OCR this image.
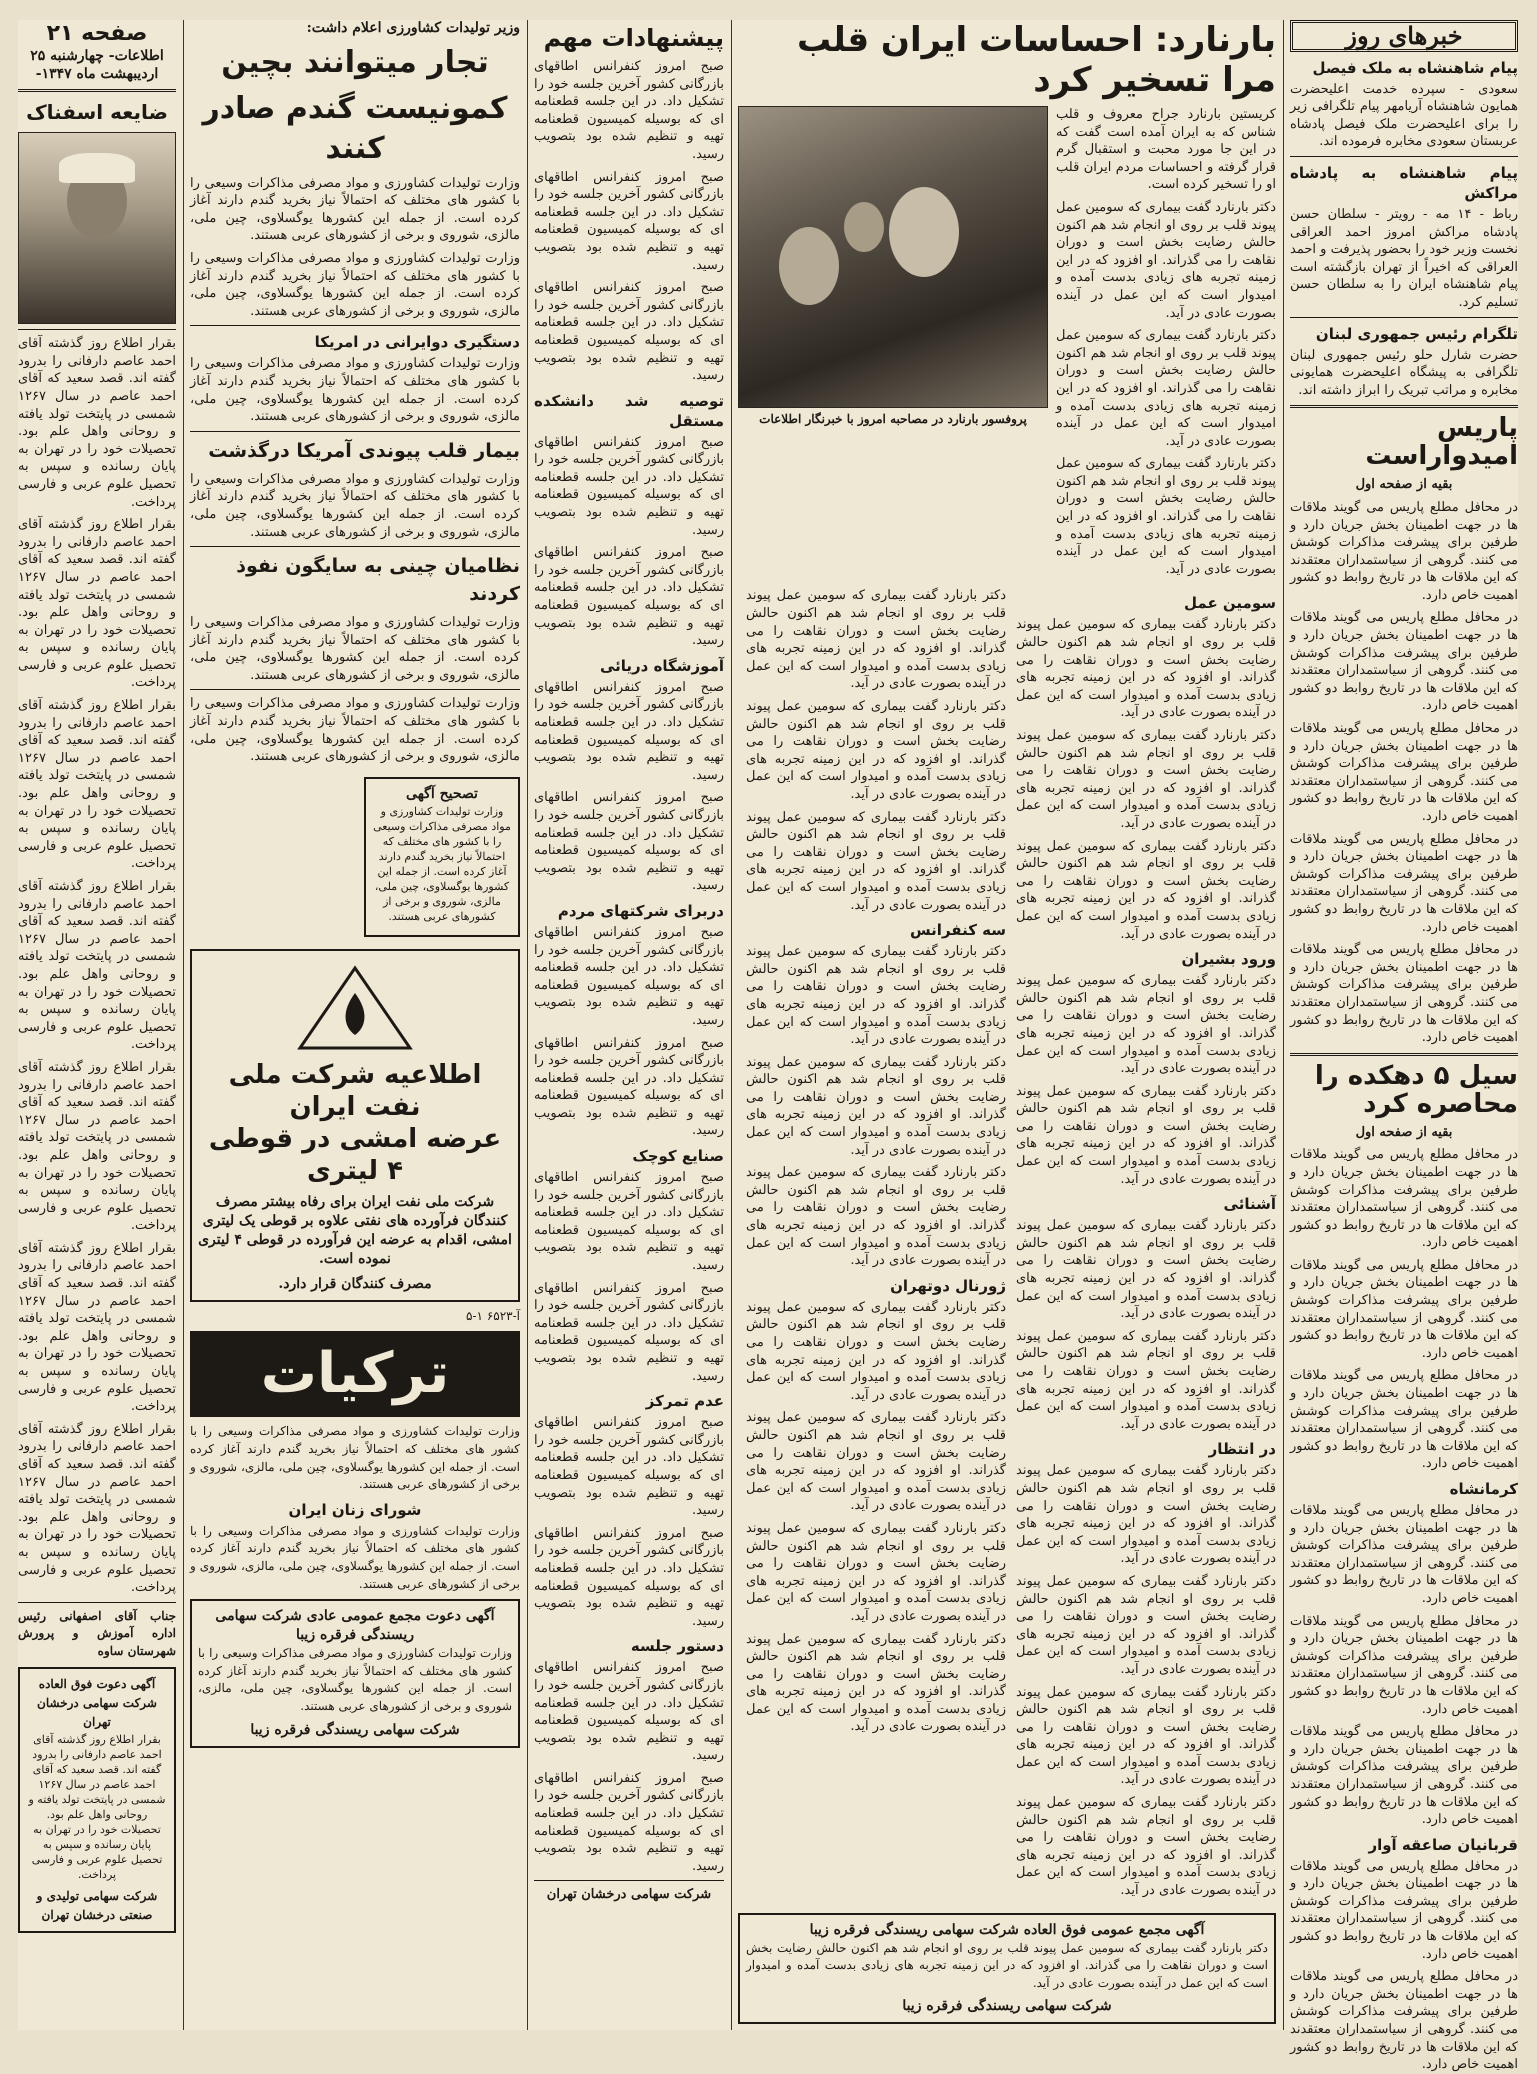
خبرهای روز
پیام شاهنشاه به ملک فیصل

سعودی - سپرده خدمت اعلیحضرت همایون شاهنشاه آریامهر پیام تلگرافی زیر را برای اعلیحضرت ملک فیصل پادشاه عربستان سعودی مخابره فرموده اند.

پیام شاهنشاه به پادشاه مراکش

رباط - ۱۴ مه - رویتر - سلطان حسن پادشاه مراکش امروز احمد العراقی نخست وزیر خود را بحضور پذیرفت و احمد العراقی که اخیراً از تهران بازگشته است پیام شاهنشاه ایران را به سلطان حسن تسلیم کرد.

تلگرام رئیس جمهوری لبنان

حضرت شارل حلو رئیس جمهوری لبنان تلگرافی به پیشگاه اعلیحضرت همایونی مخابره و مراتب تبریک را ابراز داشته اند.

پاریس امیدواراست

بقیه از صفحه اول

در محافل مطلع پاریس می گویند ملاقات ها در جهت اطمینان بخش جریان دارد و طرفین برای پیشرفت مذاکرات کوشش می کنند. گروهی از سیاستمداران معتقدند که این ملاقات ها در تاریخ روابط دو کشور اهمیت خاص دارد.

در محافل مطلع پاریس می گویند ملاقات ها در جهت اطمینان بخش جریان دارد و طرفین برای پیشرفت مذاکرات کوشش می کنند. گروهی از سیاستمداران معتقدند که این ملاقات ها در تاریخ روابط دو کشور اهمیت خاص دارد.

در محافل مطلع پاریس می گویند ملاقات ها در جهت اطمینان بخش جریان دارد و طرفین برای پیشرفت مذاکرات کوشش می کنند. گروهی از سیاستمداران معتقدند که این ملاقات ها در تاریخ روابط دو کشور اهمیت خاص دارد.

در محافل مطلع پاریس می گویند ملاقات ها در جهت اطمینان بخش جریان دارد و طرفین برای پیشرفت مذاکرات کوشش می کنند. گروهی از سیاستمداران معتقدند که این ملاقات ها در تاریخ روابط دو کشور اهمیت خاص دارد.

در محافل مطلع پاریس می گویند ملاقات ها در جهت اطمینان بخش جریان دارد و طرفین برای پیشرفت مذاکرات کوشش می کنند. گروهی از سیاستمداران معتقدند که این ملاقات ها در تاریخ روابط دو کشور اهمیت خاص دارد.

سیل ۵ دهکده را محاصره کرد

بقیه از صفحه اول

در محافل مطلع پاریس می گویند ملاقات ها در جهت اطمینان بخش جریان دارد و طرفین برای پیشرفت مذاکرات کوشش می کنند. گروهی از سیاستمداران معتقدند که این ملاقات ها در تاریخ روابط دو کشور اهمیت خاص دارد.

در محافل مطلع پاریس می گویند ملاقات ها در جهت اطمینان بخش جریان دارد و طرفین برای پیشرفت مذاکرات کوشش می کنند. گروهی از سیاستمداران معتقدند که این ملاقات ها در تاریخ روابط دو کشور اهمیت خاص دارد.

در محافل مطلع پاریس می گویند ملاقات ها در جهت اطمینان بخش جریان دارد و طرفین برای پیشرفت مذاکرات کوشش می کنند. گروهی از سیاستمداران معتقدند که این ملاقات ها در تاریخ روابط دو کشور اهمیت خاص دارد.

کرمانشاه

در محافل مطلع پاریس می گویند ملاقات ها در جهت اطمینان بخش جریان دارد و طرفین برای پیشرفت مذاکرات کوشش می کنند. گروهی از سیاستمداران معتقدند که این ملاقات ها در تاریخ روابط دو کشور اهمیت خاص دارد.

در محافل مطلع پاریس می گویند ملاقات ها در جهت اطمینان بخش جریان دارد و طرفین برای پیشرفت مذاکرات کوشش می کنند. گروهی از سیاستمداران معتقدند که این ملاقات ها در تاریخ روابط دو کشور اهمیت خاص دارد.

در محافل مطلع پاریس می گویند ملاقات ها در جهت اطمینان بخش جریان دارد و طرفین برای پیشرفت مذاکرات کوشش می کنند. گروهی از سیاستمداران معتقدند که این ملاقات ها در تاریخ روابط دو کشور اهمیت خاص دارد.

قربانیان صاعقه آوار

در محافل مطلع پاریس می گویند ملاقات ها در جهت اطمینان بخش جریان دارد و طرفین برای پیشرفت مذاکرات کوشش می کنند. گروهی از سیاستمداران معتقدند که این ملاقات ها در تاریخ روابط دو کشور اهمیت خاص دارد.

در محافل مطلع پاریس می گویند ملاقات ها در جهت اطمینان بخش جریان دارد و طرفین برای پیشرفت مذاکرات کوشش می کنند. گروهی از سیاستمداران معتقدند که این ملاقات ها در تاریخ روابط دو کشور اهمیت خاص دارد.

بارنارد: احساسات ایران قلب مرا تسخیر کرد

کریستین بارنارد جراح معروف و قلب شناس که به ایران آمده است گفت که در این جا مورد محبت و استقبال گرم قرار گرفته و احساسات مردم ایران قلب او را تسخیر کرده است.

دکتر بارنارد گفت بیماری که سومین عمل پیوند قلب بر روی او انجام شد هم اکنون حالش رضایت بخش است و دوران نقاهت را می گذراند. او افزود که در این زمینه تجربه های زیادی بدست آمده و امیدوار است که این عمل در آینده بصورت عادی در آید.

دکتر بارنارد گفت بیماری که سومین عمل پیوند قلب بر روی او انجام شد هم اکنون حالش رضایت بخش است و دوران نقاهت را می گذراند. او افزود که در این زمینه تجربه های زیادی بدست آمده و امیدوار است که این عمل در آینده بصورت عادی در آید.

دکتر بارنارد گفت بیماری که سومین عمل پیوند قلب بر روی او انجام شد هم اکنون حالش رضایت بخش است و دوران نقاهت را می گذراند. او افزود که در این زمینه تجربه های زیادی بدست آمده و امیدوار است که این عمل در آینده بصورت عادی در آید.

پروفسور بارنارد در مصاحبه امروز با خبرنگار اطلاعات
سومین عمل

دکتر بارنارد گفت بیماری که سومین عمل پیوند قلب بر روی او انجام شد هم اکنون حالش رضایت بخش است و دوران نقاهت را می گذراند. او افزود که در این زمینه تجربه های زیادی بدست آمده و امیدوار است که این عمل در آینده بصورت عادی در آید.

دکتر بارنارد گفت بیماری که سومین عمل پیوند قلب بر روی او انجام شد هم اکنون حالش رضایت بخش است و دوران نقاهت را می گذراند. او افزود که در این زمینه تجربه های زیادی بدست آمده و امیدوار است که این عمل در آینده بصورت عادی در آید.

دکتر بارنارد گفت بیماری که سومین عمل پیوند قلب بر روی او انجام شد هم اکنون حالش رضایت بخش است و دوران نقاهت را می گذراند. او افزود که در این زمینه تجربه های زیادی بدست آمده و امیدوار است که این عمل در آینده بصورت عادی در آید.

ورود بشیران

دکتر بارنارد گفت بیماری که سومین عمل پیوند قلب بر روی او انجام شد هم اکنون حالش رضایت بخش است و دوران نقاهت را می گذراند. او افزود که در این زمینه تجربه های زیادی بدست آمده و امیدوار است که این عمل در آینده بصورت عادی در آید.

دکتر بارنارد گفت بیماری که سومین عمل پیوند قلب بر روی او انجام شد هم اکنون حالش رضایت بخش است و دوران نقاهت را می گذراند. او افزود که در این زمینه تجربه های زیادی بدست آمده و امیدوار است که این عمل در آینده بصورت عادی در آید.

آشنائی

دکتر بارنارد گفت بیماری که سومین عمل پیوند قلب بر روی او انجام شد هم اکنون حالش رضایت بخش است و دوران نقاهت را می گذراند. او افزود که در این زمینه تجربه های زیادی بدست آمده و امیدوار است که این عمل در آینده بصورت عادی در آید.

دکتر بارنارد گفت بیماری که سومین عمل پیوند قلب بر روی او انجام شد هم اکنون حالش رضایت بخش است و دوران نقاهت را می گذراند. او افزود که در این زمینه تجربه های زیادی بدست آمده و امیدوار است که این عمل در آینده بصورت عادی در آید.

در انتظار

دکتر بارنارد گفت بیماری که سومین عمل پیوند قلب بر روی او انجام شد هم اکنون حالش رضایت بخش است و دوران نقاهت را می گذراند. او افزود که در این زمینه تجربه های زیادی بدست آمده و امیدوار است که این عمل در آینده بصورت عادی در آید.

دکتر بارنارد گفت بیماری که سومین عمل پیوند قلب بر روی او انجام شد هم اکنون حالش رضایت بخش است و دوران نقاهت را می گذراند. او افزود که در این زمینه تجربه های زیادی بدست آمده و امیدوار است که این عمل در آینده بصورت عادی در آید.

دکتر بارنارد گفت بیماری که سومین عمل پیوند قلب بر روی او انجام شد هم اکنون حالش رضایت بخش است و دوران نقاهت را می گذراند. او افزود که در این زمینه تجربه های زیادی بدست آمده و امیدوار است که این عمل در آینده بصورت عادی در آید.

دکتر بارنارد گفت بیماری که سومین عمل پیوند قلب بر روی او انجام شد هم اکنون حالش رضایت بخش است و دوران نقاهت را می گذراند. او افزود که در این زمینه تجربه های زیادی بدست آمده و امیدوار است که این عمل در آینده بصورت عادی در آید.

دکتر بارنارد گفت بیماری که سومین عمل پیوند قلب بر روی او انجام شد هم اکنون حالش رضایت بخش است و دوران نقاهت را می گذراند. او افزود که در این زمینه تجربه های زیادی بدست آمده و امیدوار است که این عمل در آینده بصورت عادی در آید.

دکتر بارنارد گفت بیماری که سومین عمل پیوند قلب بر روی او انجام شد هم اکنون حالش رضایت بخش است و دوران نقاهت را می گذراند. او افزود که در این زمینه تجربه های زیادی بدست آمده و امیدوار است که این عمل در آینده بصورت عادی در آید.

دکتر بارنارد گفت بیماری که سومین عمل پیوند قلب بر روی او انجام شد هم اکنون حالش رضایت بخش است و دوران نقاهت را می گذراند. او افزود که در این زمینه تجربه های زیادی بدست آمده و امیدوار است که این عمل در آینده بصورت عادی در آید.

سه کنفرانس

دکتر بارنارد گفت بیماری که سومین عمل پیوند قلب بر روی او انجام شد هم اکنون حالش رضایت بخش است و دوران نقاهت را می گذراند. او افزود که در این زمینه تجربه های زیادی بدست آمده و امیدوار است که این عمل در آینده بصورت عادی در آید.

دکتر بارنارد گفت بیماری که سومین عمل پیوند قلب بر روی او انجام شد هم اکنون حالش رضایت بخش است و دوران نقاهت را می گذراند. او افزود که در این زمینه تجربه های زیادی بدست آمده و امیدوار است که این عمل در آینده بصورت عادی در آید.

دکتر بارنارد گفت بیماری که سومین عمل پیوند قلب بر روی او انجام شد هم اکنون حالش رضایت بخش است و دوران نقاهت را می گذراند. او افزود که در این زمینه تجربه های زیادی بدست آمده و امیدوار است که این عمل در آینده بصورت عادی در آید.

ژورنال دوتهران

دکتر بارنارد گفت بیماری که سومین عمل پیوند قلب بر روی او انجام شد هم اکنون حالش رضایت بخش است و دوران نقاهت را می گذراند. او افزود که در این زمینه تجربه های زیادی بدست آمده و امیدوار است که این عمل در آینده بصورت عادی در آید.

دکتر بارنارد گفت بیماری که سومین عمل پیوند قلب بر روی او انجام شد هم اکنون حالش رضایت بخش است و دوران نقاهت را می گذراند. او افزود که در این زمینه تجربه های زیادی بدست آمده و امیدوار است که این عمل در آینده بصورت عادی در آید.

دکتر بارنارد گفت بیماری که سومین عمل پیوند قلب بر روی او انجام شد هم اکنون حالش رضایت بخش است و دوران نقاهت را می گذراند. او افزود که در این زمینه تجربه های زیادی بدست آمده و امیدوار است که این عمل در آینده بصورت عادی در آید.

دکتر بارنارد گفت بیماری که سومین عمل پیوند قلب بر روی او انجام شد هم اکنون حالش رضایت بخش است و دوران نقاهت را می گذراند. او افزود که در این زمینه تجربه های زیادی بدست آمده و امیدوار است که این عمل در آینده بصورت عادی در آید.

آگهی مجمع عمومی فوق العاده شرکت سهامی ریسندگی فرقره زیبا

دکتر بارنارد گفت بیماری که سومین عمل پیوند قلب بر روی او انجام شد هم اکنون حالش رضایت بخش است و دوران نقاهت را می گذراند. او افزود که در این زمینه تجربه های زیادی بدست آمده و امیدوار است که این عمل در آینده بصورت عادی در آید.

شرکت سهامی ریسندگی فرقره زیبا
پیشنهادات مهم

صبح امروز کنفرانس اطاقهای بازرگانی کشور آخرین جلسه خود را تشکیل داد. در این جلسه قطعنامه ای که بوسیله کمیسیون قطعنامه تهیه و تنظیم شده بود بتصویب رسید.

صبح امروز کنفرانس اطاقهای بازرگانی کشور آخرین جلسه خود را تشکیل داد. در این جلسه قطعنامه ای که بوسیله کمیسیون قطعنامه تهیه و تنظیم شده بود بتصویب رسید.

صبح امروز کنفرانس اطاقهای بازرگانی کشور آخرین جلسه خود را تشکیل داد. در این جلسه قطعنامه ای که بوسیله کمیسیون قطعنامه تهیه و تنظیم شده بود بتصویب رسید.

توصیه شد دانشکده مستقل

صبح امروز کنفرانس اطاقهای بازرگانی کشور آخرین جلسه خود را تشکیل داد. در این جلسه قطعنامه ای که بوسیله کمیسیون قطعنامه تهیه و تنظیم شده بود بتصویب رسید.

صبح امروز کنفرانس اطاقهای بازرگانی کشور آخرین جلسه خود را تشکیل داد. در این جلسه قطعنامه ای که بوسیله کمیسیون قطعنامه تهیه و تنظیم شده بود بتصویب رسید.

آموزشگاه دریائی

صبح امروز کنفرانس اطاقهای بازرگانی کشور آخرین جلسه خود را تشکیل داد. در این جلسه قطعنامه ای که بوسیله کمیسیون قطعنامه تهیه و تنظیم شده بود بتصویب رسید.

صبح امروز کنفرانس اطاقهای بازرگانی کشور آخرین جلسه خود را تشکیل داد. در این جلسه قطعنامه ای که بوسیله کمیسیون قطعنامه تهیه و تنظیم شده بود بتصویب رسید.

دربرای شرکتهای مردم

صبح امروز کنفرانس اطاقهای بازرگانی کشور آخرین جلسه خود را تشکیل داد. در این جلسه قطعنامه ای که بوسیله کمیسیون قطعنامه تهیه و تنظیم شده بود بتصویب رسید.

صبح امروز کنفرانس اطاقهای بازرگانی کشور آخرین جلسه خود را تشکیل داد. در این جلسه قطعنامه ای که بوسیله کمیسیون قطعنامه تهیه و تنظیم شده بود بتصویب رسید.

صنایع کوچک

صبح امروز کنفرانس اطاقهای بازرگانی کشور آخرین جلسه خود را تشکیل داد. در این جلسه قطعنامه ای که بوسیله کمیسیون قطعنامه تهیه و تنظیم شده بود بتصویب رسید.

صبح امروز کنفرانس اطاقهای بازرگانی کشور آخرین جلسه خود را تشکیل داد. در این جلسه قطعنامه ای که بوسیله کمیسیون قطعنامه تهیه و تنظیم شده بود بتصویب رسید.

عدم تمرکز

صبح امروز کنفرانس اطاقهای بازرگانی کشور آخرین جلسه خود را تشکیل داد. در این جلسه قطعنامه ای که بوسیله کمیسیون قطعنامه تهیه و تنظیم شده بود بتصویب رسید.

صبح امروز کنفرانس اطاقهای بازرگانی کشور آخرین جلسه خود را تشکیل داد. در این جلسه قطعنامه ای که بوسیله کمیسیون قطعنامه تهیه و تنظیم شده بود بتصویب رسید.

دستور جلسه

صبح امروز کنفرانس اطاقهای بازرگانی کشور آخرین جلسه خود را تشکیل داد. در این جلسه قطعنامه ای که بوسیله کمیسیون قطعنامه تهیه و تنظیم شده بود بتصویب رسید.

صبح امروز کنفرانس اطاقهای بازرگانی کشور آخرین جلسه خود را تشکیل داد. در این جلسه قطعنامه ای که بوسیله کمیسیون قطعنامه تهیه و تنظیم شده بود بتصویب رسید.

شرکت سهامی درخشان تهران

وزیر تولیدات کشاورزی اعلام داشت:

تجار میتوانند بچین
کمونیست گندم صادر کنند

وزارت تولیدات کشاورزی و مواد مصرفی مذاکرات وسیعی را با کشور های مختلف که احتمالاً نیاز بخرید گندم دارند آغاز کرده است. از جمله این کشورها یوگسلاوی، چین ملی، مالزی، شوروی و برخی از کشورهای عربی هستند.

وزارت تولیدات کشاورزی و مواد مصرفی مذاکرات وسیعی را با کشور های مختلف که احتمالاً نیاز بخرید گندم دارند آغاز کرده است. از جمله این کشورها یوگسلاوی، چین ملی، مالزی، شوروی و برخی از کشورهای عربی هستند.

دستگیری دوایرانی در امریکا

وزارت تولیدات کشاورزی و مواد مصرفی مذاکرات وسیعی را با کشور های مختلف که احتمالاً نیاز بخرید گندم دارند آغاز کرده است. از جمله این کشورها یوگسلاوی، چین ملی، مالزی، شوروی و برخی از کشورهای عربی هستند.

بیمار قلب پیوندی آمریکا درگذشت

وزارت تولیدات کشاورزی و مواد مصرفی مذاکرات وسیعی را با کشور های مختلف که احتمالاً نیاز بخرید گندم دارند آغاز کرده است. از جمله این کشورها یوگسلاوی، چین ملی، مالزی، شوروی و برخی از کشورهای عربی هستند.

نظامیان چینی به سایگون نفوذ کردند

وزارت تولیدات کشاورزی و مواد مصرفی مذاکرات وسیعی را با کشور های مختلف که احتمالاً نیاز بخرید گندم دارند آغاز کرده است. از جمله این کشورها یوگسلاوی، چین ملی، مالزی، شوروی و برخی از کشورهای عربی هستند.

وزارت تولیدات کشاورزی و مواد مصرفی مذاکرات وسیعی را با کشور های مختلف که احتمالاً نیاز بخرید گندم دارند آغاز کرده است. از جمله این کشورها یوگسلاوی، چین ملی، مالزی، شوروی و برخی از کشورهای عربی هستند.

تصحیح آگهی

وزارت تولیدات کشاورزی و مواد مصرفی مذاکرات وسیعی را با کشور های مختلف که احتمالاً نیاز بخرید گندم دارند آغاز کرده است. از جمله این کشورها یوگسلاوی، چین ملی، مالزی، شوروی و برخی از کشورهای عربی هستند.

اطلاعیه شرکت ملی نفت ایران
عرضه امشی در قوطی ۴ لیتری
شرکت ملی نفت ایران برای رفاه بیشتر مصرف کنندگان فرآورده های نفتی علاوه بر قوطی یک لیتری امشی، اقدام به عرضه این فرآورده در قوطی ۴ لیتری نموده است.
مصرف کنندگان قرار دارد.
آ-۶۵۲۳ ۱-۵
ترکیات

وزارت تولیدات کشاورزی و مواد مصرفی مذاکرات وسیعی را با کشور های مختلف که احتمالاً نیاز بخرید گندم دارند آغاز کرده است. از جمله این کشورها یوگسلاوی، چین ملی، مالزی، شوروی و برخی از کشورهای عربی هستند.

شورای زنان ایران

وزارت تولیدات کشاورزی و مواد مصرفی مذاکرات وسیعی را با کشور های مختلف که احتمالاً نیاز بخرید گندم دارند آغاز کرده است. از جمله این کشورها یوگسلاوی، چین ملی، مالزی، شوروی و برخی از کشورهای عربی هستند.

آگهی دعوت مجمع عمومی عادی شرکت سهامی ریسندگی فرقره زیبا

وزارت تولیدات کشاورزی و مواد مصرفی مذاکرات وسیعی را با کشور های مختلف که احتمالاً نیاز بخرید گندم دارند آغاز کرده است. از جمله این کشورها یوگسلاوی، چین ملی، مالزی، شوروی و برخی از کشورهای عربی هستند.

شرکت سهامی ریسندگی فرقره زیبا
صفحه ۲۱
اطلاعات- چهارشنبه ۲۵
اردیبهشت ماه ۱۳۴۷-
ضایعه اسفناک

بقرار اطلاع روز گذشته آقای احمد عاصم دارفانی را بدرود گفته اند. قصد سعید که آقای احمد عاصم در سال ۱۲۶۷ شمسی در پایتخت تولد یافته و روحانی واهل علم بود. تحصیلات خود را در تهران به پایان رسانده و سپس به تحصیل علوم عربی و فارسی پرداخت.

بقرار اطلاع روز گذشته آقای احمد عاصم دارفانی را بدرود گفته اند. قصد سعید که آقای احمد عاصم در سال ۱۲۶۷ شمسی در پایتخت تولد یافته و روحانی واهل علم بود. تحصیلات خود را در تهران به پایان رسانده و سپس به تحصیل علوم عربی و فارسی پرداخت.

بقرار اطلاع روز گذشته آقای احمد عاصم دارفانی را بدرود گفته اند. قصد سعید که آقای احمد عاصم در سال ۱۲۶۷ شمسی در پایتخت تولد یافته و روحانی واهل علم بود. تحصیلات خود را در تهران به پایان رسانده و سپس به تحصیل علوم عربی و فارسی پرداخت.

بقرار اطلاع روز گذشته آقای احمد عاصم دارفانی را بدرود گفته اند. قصد سعید که آقای احمد عاصم در سال ۱۲۶۷ شمسی در پایتخت تولد یافته و روحانی واهل علم بود. تحصیلات خود را در تهران به پایان رسانده و سپس به تحصیل علوم عربی و فارسی پرداخت.

بقرار اطلاع روز گذشته آقای احمد عاصم دارفانی را بدرود گفته اند. قصد سعید که آقای احمد عاصم در سال ۱۲۶۷ شمسی در پایتخت تولد یافته و روحانی واهل علم بود. تحصیلات خود را در تهران به پایان رسانده و سپس به تحصیل علوم عربی و فارسی پرداخت.

بقرار اطلاع روز گذشته آقای احمد عاصم دارفانی را بدرود گفته اند. قصد سعید که آقای احمد عاصم در سال ۱۲۶۷ شمسی در پایتخت تولد یافته و روحانی واهل علم بود. تحصیلات خود را در تهران به پایان رسانده و سپس به تحصیل علوم عربی و فارسی پرداخت.

بقرار اطلاع روز گذشته آقای احمد عاصم دارفانی را بدرود گفته اند. قصد سعید که آقای احمد عاصم در سال ۱۲۶۷ شمسی در پایتخت تولد یافته و روحانی واهل علم بود. تحصیلات خود را در تهران به پایان رسانده و سپس به تحصیل علوم عربی و فارسی پرداخت.

جناب آقای اصفهانی رئیس اداره آموزش و پرورش شهرستان ساوه

آگهی دعوت فوق العاده شرکت سهامی درخشان تهران

بقرار اطلاع روز گذشته آقای احمد عاصم دارفانی را بدرود گفته اند. قصد سعید که آقای احمد عاصم در سال ۱۲۶۷ شمسی در پایتخت تولد یافته و روحانی واهل علم بود. تحصیلات خود را در تهران به پایان رسانده و سپس به تحصیل علوم عربی و فارسی پرداخت.

شرکت سهامی تولیدی و صنعتی درخشان تهران
